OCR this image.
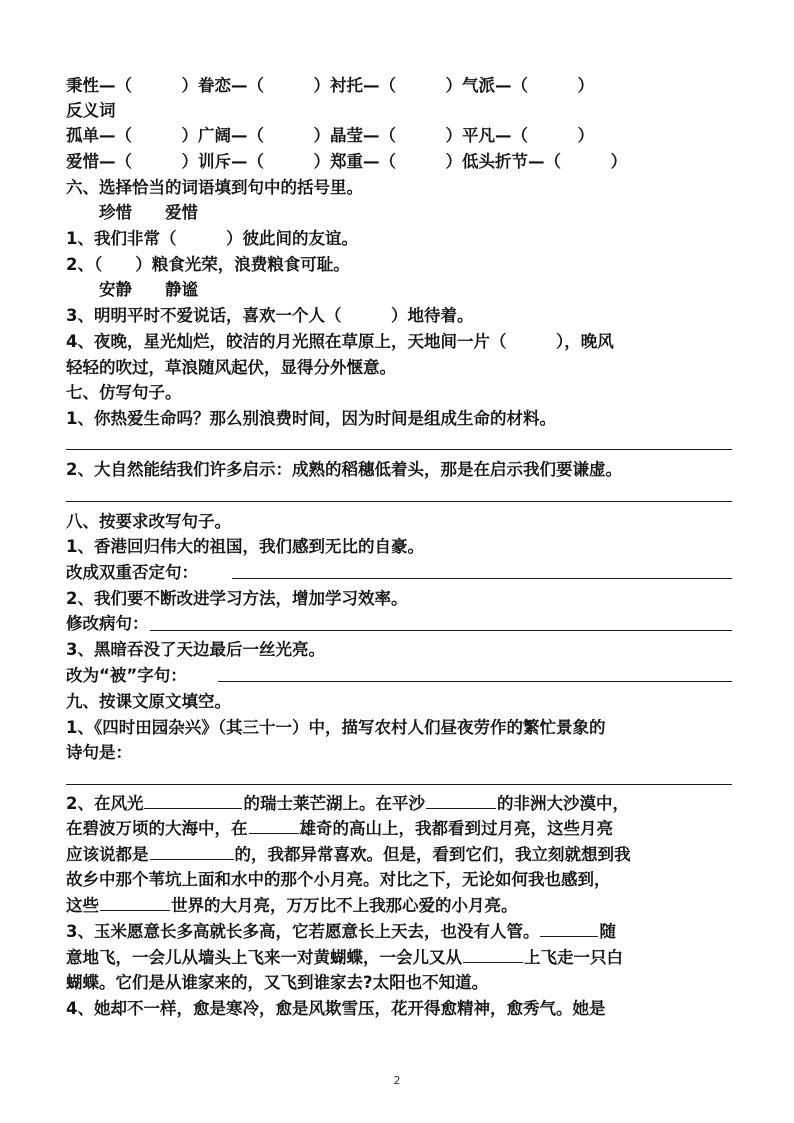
秉性—（　　　）眷恋—（　　　）衬托—（　　　）气派—（　　　）
反义词
孤单—（　　　）广阔—（　　　）晶莹—（　　　）平凡—（　　　）
爱惜—（　　　）训斥—（　　　）郑重—（　　　）低头折节—（　　　）
六、选择恰当的词语填到句中的括号里。
　　珍惜　　爱惜
1、我们非常（　　　）彼此间的友谊。
2、（　　）粮食光荣，浪费粮食可耻。
　　安静　　静谧
3、明明平时不爱说话，喜欢一个人（　　　）地待着。
4、夜晚，星光灿烂，皎洁的月光照在草原上，天地间一片（　　　），晚风
轻轻的吹过，草浪随风起伏，显得分外惬意。
七、仿写句子。
1、你热爱生命吗？那么别浪费时间，因为时间是组成生命的材料。
2、大自然能结我们许多启示：成熟的稻穗低着头，那是在启示我们要谦虚。
八、按要求改写句子。
1、香港回归伟大的祖国，我们感到无比的自豪。
改成双重否定句：
2、我们要不断改进学习方法，增加学习效率。
修改病句：
3、黑暗吞没了天边最后一丝光亮。
改为“被”字句：
九、按课文原文填空。
1、《四时田园杂兴》（其三十一）中，描写农村人们昼夜劳作的繁忙景象的
诗句是：
2、在风光	的瑞士莱芒湖上。在平沙	的非洲大沙漠中，
在碧波万顷的大海中，在	雄奇的高山上，我都看到过月亮，这些月亮
应该说都是	的，我都异常喜欢。但是，看到它们，我立刻就想到我
故乡中那个苇坑上面和水中的那个小月亮。对比之下，无论如何我也感到，
这些	世界的大月亮，万万比不上我那心爱的小月亮。
3、玉米愿意长多高就长多高，它若愿意长上天去，也没有人管。	随
意地飞，一会儿从墙头上飞来一对黄蝴蝶，一会儿又从	上飞走一只白
蝴蝶。它们是从谁家来的，又飞到谁家去?太阳也不知道。
4、她却不一样，愈是寒冷，愈是风欺雪压，花开得愈精神，愈秀气。她是
2
